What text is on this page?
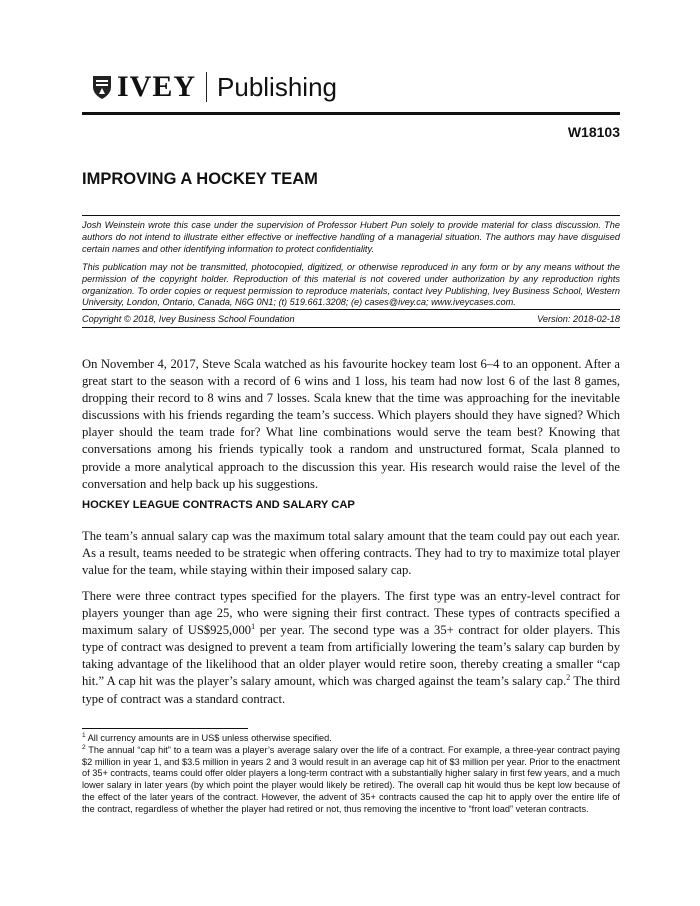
IVEY Publishing
W18103
IMPROVING A HOCKEY TEAM

Josh Weinstein wrote this case under the supervision of Professor Hubert Pun solely to provide material for class discussion. The authors do not intend to illustrate either effective or ineffective handling of a managerial situation. The authors may have disguised certain names and other identifying information to protect confidentiality.

This publication may not be transmitted, photocopied, digitized, or otherwise reproduced in any form or by any means without the permission of the copyright holder. Reproduction of this material is not covered under authorization by any reproduction rights organization. To order copies or request permission to reproduce materials, contact Ivey Publishing, Ivey Business School, Western University, London, Ontario, Canada, N6G 0N1; (t) 519.661.3208; (e) cases@ivey.ca; www.iveycases.com.

Copyright © 2018, Ivey Business School Foundation	Version: 2018-02-18

On November 4, 2017, Steve Scala watched as his favourite hockey team lost 6–4 to an opponent. After a great start to the season with a record of 6 wins and 1 loss, his team had now lost 6 of the last 8 games, dropping their record to 8 wins and 7 losses. Scala knew that the time was approaching for the inevitable discussions with his friends regarding the team’s success. Which players should they have signed? Which player should the team trade for? What line combinations would serve the team best? Knowing that conversations among his friends typically took a random and unstructured format, Scala planned to provide a more analytical approach to the discussion this year. His research would raise the level of the conversation and help back up his suggestions.

HOCKEY LEAGUE CONTRACTS AND SALARY CAP

The team’s annual salary cap was the maximum total salary amount that the team could pay out each year. As a result, teams needed to be strategic when offering contracts. They had to try to maximize total player value for the team, while staying within their imposed salary cap.

There were three contract types specified for the players. The first type was an entry-level contract for players younger than age 25, who were signing their first contract. These types of contracts specified a maximum salary of US$925,000$^1$ per year. The second type was a 35+ contract for older players. This type of contract was designed to prevent a team from artificially lowering the team’s salary cap burden by taking advantage of the likelihood that an older player would retire soon, thereby creating a smaller “cap hit.” A cap hit was the player’s salary amount, which was charged against the team’s salary cap.$^2$ The third type of contract was a standard contract.

$^1$ All currency amounts are in US$ unless otherwise specified.

$^2$ The annual “cap hit” to a team was a player’s average salary over the life of a contract. For example, a three-year contract paying $2 million in year 1, and $3.5 million in years 2 and 3 would result in an average cap hit of $3 million per year. Prior to the enactment of 35+ contracts, teams could offer older players a long-term contract with a substantially higher salary in first few years, and a much lower salary in later years (by which point the player would likely be retired). The overall cap hit would thus be kept low because of the effect of the later years of the contract. However, the advent of 35+ contracts caused the cap hit to apply over the entire life of the contract, regardless of whether the player had retired or not, thus removing the incentive to “front load” veteran contracts.
